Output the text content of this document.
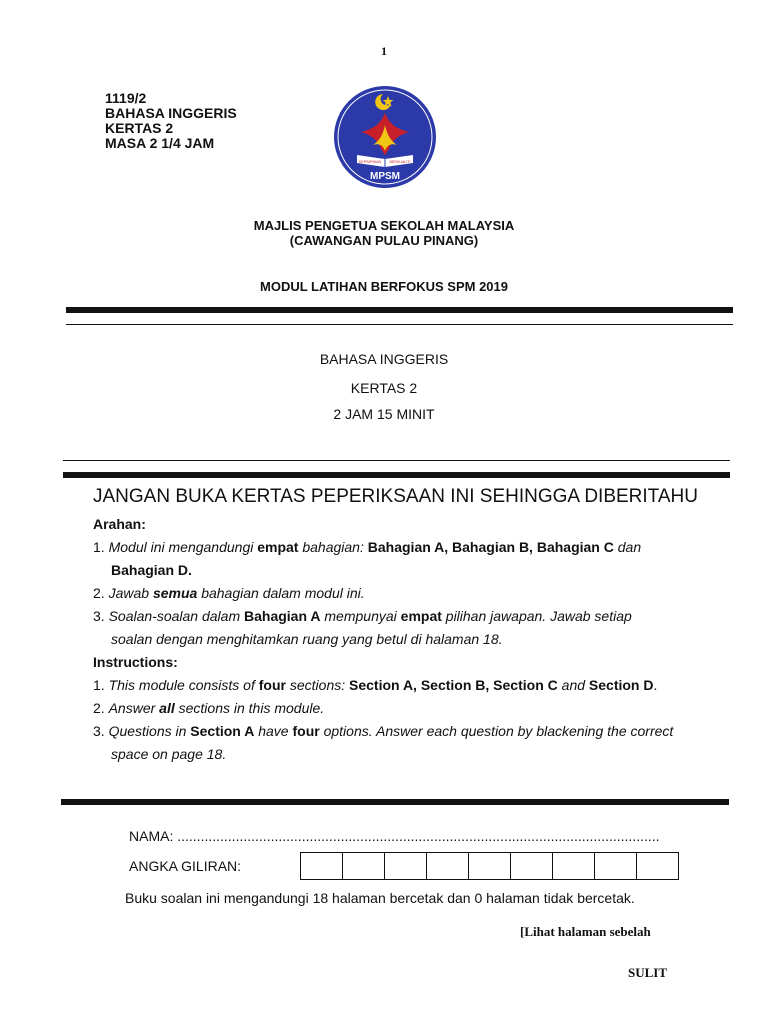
1
1119/2
BAHASA INGGERIS
KERTAS 2
MASA 2 1/4 JAM
KEPIMPINAN BERKUALITI
MPSM
MAJLIS PENGETUA SEKOLAH MALAYSIA
(CAWANGAN PULAU PINANG)
MODUL LATIHAN BERFOKUS SPM 2019
BAHASA INGGERIS
KERTAS 2
2 JAM 15 MINIT
JANGAN BUKA KERTAS PEPERIKSAAN INI SEHINGGA DIBERITAHU

Arahan:

1. Modul ini mengandungi empat bahagian: Bahagian A, Bahagian B, Bahagian C dan

Bahagian D.

2. Jawab semua bahagian dalam modul ini.

3. Soalan-soalan dalam Bahagian A mempunyai empat pilihan jawapan. Jawab setiap

soalan dengan menghitamkan ruang yang betul di halaman 18.

Instructions:

1. This module consists of four sections: Section A, Section B, Section C and Section D.

2. Answer all sections in this module.

3. Questions in Section A have four options. Answer each question by blackening the correct

space on page 18.

NAMA: ............................................................................................................................
ANGKA GILIRAN:
Buku soalan ini mengandungi 18 halaman bercetak dan 0 halaman tidak bercetak.
[Lihat halaman sebelah
SULIT
